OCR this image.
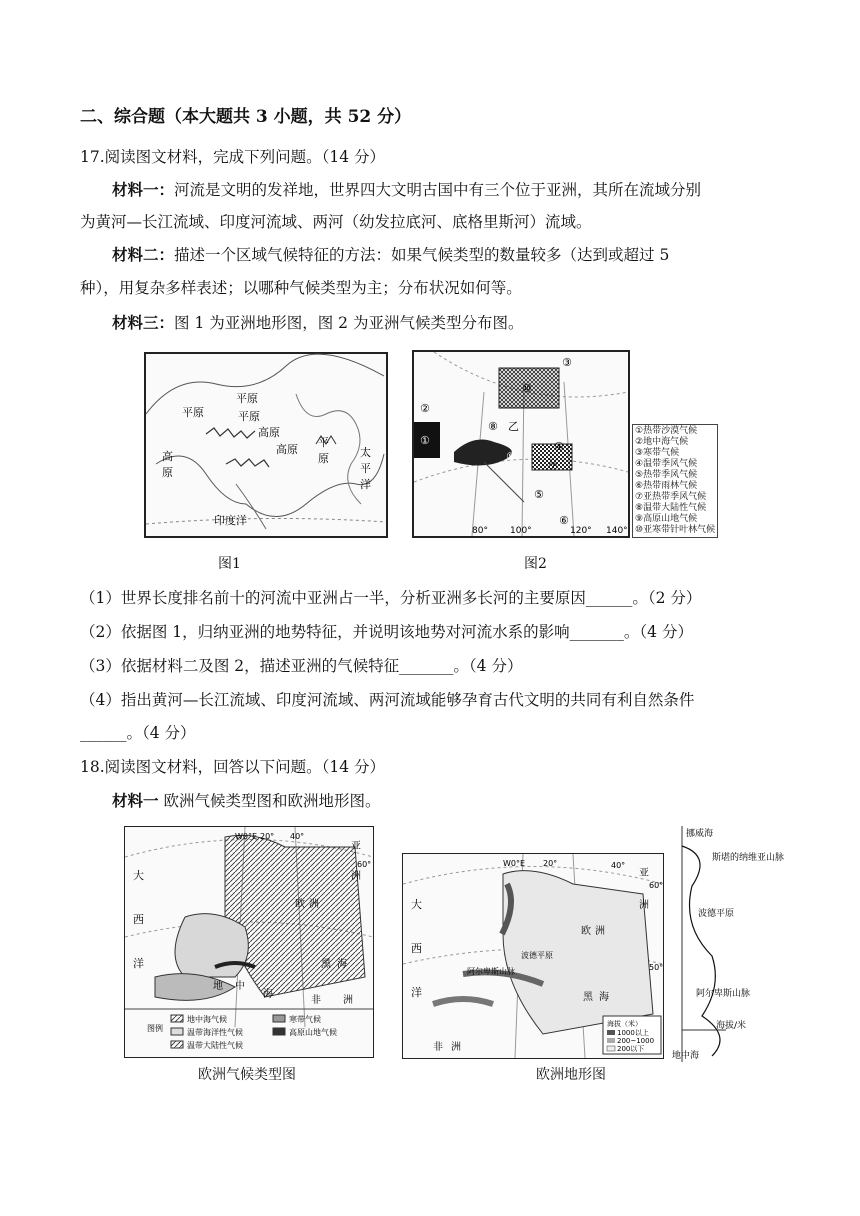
二、综合题（本大题共 3 小题，共 52 分）
17.阅读图文材料，完成下列问题。（14 分）
材料一：河流是文明的发祥地，世界四大文明古国中有三个位于亚洲，其所在流域分别
为黄河—长江流域、印度河流域、两河（幼发拉底河、底格里斯河）流域。
材料二：描述一个区域气候特征的方法：如果气候类型的数量较多（达到或超过 5
种），用复杂多样表述；以哪种气候类型为主；分布状况如何等。
材料三：图 1 为亚洲地形图，图 2 为亚洲气候类型分布图。
平原
平原
高原
高原
平原
平
原
高
原
太
平
洋
印度洋
图1
②
①
③
④
⑤
⑥
⑦
⑧
⑨
⑩
乙
80° 100°	120° 140°
①热带沙漠气候
②地中海气候
③寒带气候
④温带季风气候
⑤热带季风气候
⑥热带雨林气候
⑦亚热带季风气候
⑧温带大陆性气候
⑨高原山地气候
⑩亚寒带针叶林气候
图2
（1）世界长度排名前十的河流中亚洲占一半，分析亚洲多长河的主要原因______。（2 分）
（2）依据图 1，归纳亚洲的地势特征，并说明该地势对河流水系的影响_______。（4 分）
（3）依据材料二及图 2，描述亚洲的气候特征_______。（4 分）
（4）指出黄河—长江流域、印度河流域、两河流域能够孕育古代文明的共同有利自然条件
______。（4 分）
18.阅读图文材料，回答以下问题。（14 分）
材料一 欧洲气候类型图和欧洲地形图。
W0°E 20° 40°
60°
大
西
洋
欧 洲
亚
洲
黑 海
地 中
海
非 洲
图例
地中海气候	寒带气候
温带海洋性气候	高原山地气候
温带大陆性气候
欧洲气候类型图
W0°E 20°	40°
60°
50°
大
西
洋
欧 洲
亚
洲
黑 海
非 洲
阿尔卑斯山脉
波德平原
海拔（米）
1000以上
200~1000
200以下
挪威海
斯堪的纳维亚山脉
波德平原
阿尔卑斯山脉
地中海
海拔/米
欧洲地形图
